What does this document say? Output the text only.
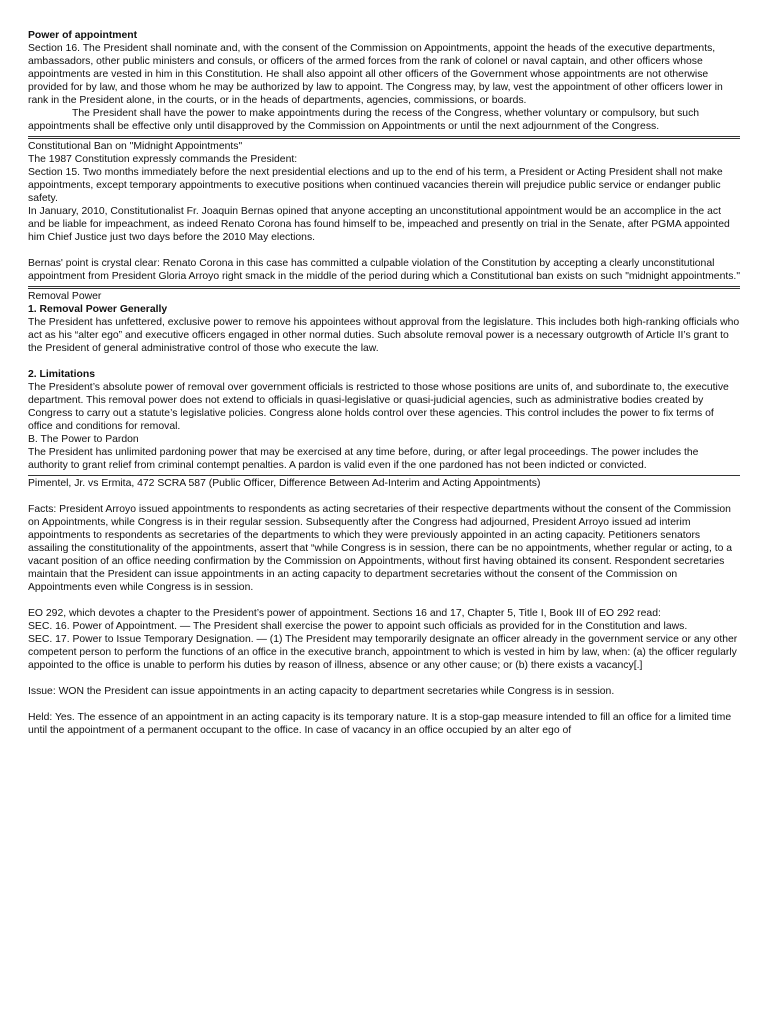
Power of appointment

Section 16. The President shall nominate and, with the consent of the Commission on Appointments, appoint the heads of the executive departments, ambassadors, other public ministers and consuls, or officers of the armed forces from the rank of colonel or naval captain, and other officers whose appointments are vested in him in this Constitution. He shall also appoint all other officers of the Government whose appointments are not otherwise provided for by law, and those whom he may be authorized by law to appoint. The Congress may, by law, vest the appointment of other officers lower in rank in the President alone, in the courts, or in the heads of departments, agencies, commissions, or boards.

The President shall have the power to make appointments during the recess of the Congress, whether voluntary or compulsory, but such appointments shall be effective only until disapproved by the Commission on Appointments or until the next adjournment of the Congress.

Constitutional Ban on "Midnight Appointments"

The 1987 Constitution expressly commands the President:

Section 15. Two months immediately before the next presidential elections and up to the end of his term, a President or Acting President shall not make appointments, except temporary appointments to executive positions when continued vacancies therein will prejudice public service or endanger public safety.

In January, 2010, Constitutionalist Fr. Joaquin Bernas opined that anyone accepting an unconstitutional appointment would be an accomplice in the act and be liable for impeachment, as indeed Renato Corona has found himself to be, impeached and presently on trial in the Senate, after PGMA appointed him Chief Justice just two days before the 2010 May elections.

Bernas' point is crystal clear: Renato Corona in this case has committed a culpable violation of the Constitution by accepting a clearly unconstitutional appointment from President Gloria Arroyo right smack in the middle of the period during which a Constitutional ban exists on such "midnight appointments."

Removal Power

1. Removal Power Generally

The President has unfettered, exclusive power to remove his appointees without approval from the legislature. This includes both high-ranking officials who act as his “alter ego” and executive officers engaged in other normal duties. Such absolute removal power is a necessary outgrowth of Article II’s grant to the President of general administrative control of those who execute the law.

2. Limitations

The President’s absolute power of removal over government officials is restricted to those whose positions are units of, and subordinate to, the executive department. This removal power does not extend to officials in quasi-legislative or quasi-judicial agencies, such as administrative bodies created by Congress to carry out a statute’s legislative policies. Congress alone holds control over these agencies. This control includes the power to fix terms of office and conditions for removal.

B. The Power to Pardon

The President has unlimited pardoning power that may be exercised at any time before, during, or after legal proceedings. The power includes the authority to grant relief from criminal contempt penalties. A pardon is valid even if the one pardoned has not been indicted or convicted.

Pimentel, Jr. vs Ermita, 472 SCRA 587 (Public Officer, Difference Between Ad-Interim and Acting Appointments)

Facts: President Arroyo issued appointments to respondents as acting secretaries of their respective departments without the consent of the Commission on Appointments, while Congress is in their regular session. Subsequently after the Congress had adjourned, President Arroyo issued ad interim appointments to respondents as secretaries of the departments to which they were previously appointed in an acting capacity. Petitioners senators assailing the constitutionality of the appointments, assert that “while Congress is in session, there can be no appointments, whether regular or acting, to a vacant position of an office needing confirmation by the Commission on Appointments, without first having obtained its consent. Respondent secretaries maintain that the President can issue appointments in an acting capacity to department secretaries without the consent of the Commission on Appointments even while Congress is in session.

EO 292, which devotes a chapter to the President’s power of appointment. Sections 16 and 17, Chapter 5, Title I, Book III of EO 292 read:

SEC. 16. Power of Appointment. — The President shall exercise the power to appoint such officials as provided for in the Constitution and laws.

SEC. 17. Power to Issue Temporary Designation. — (1) The President may temporarily designate an officer already in the government service or any other competent person to perform the functions of an office in the executive branch, appointment to which is vested in him by law, when: (a) the officer regularly appointed to the office is unable to perform his duties by reason of illness, absence or any other cause; or (b) there exists a vacancy[.]

Issue: WON the President can issue appointments in an acting capacity to department secretaries while Congress is in session.

Held: Yes. The essence of an appointment in an acting capacity is its temporary nature. It is a stop-gap measure intended to fill an office for a limited time until the appointment of a permanent occupant to the office. In case of vacancy in an office occupied by an alter ego of
